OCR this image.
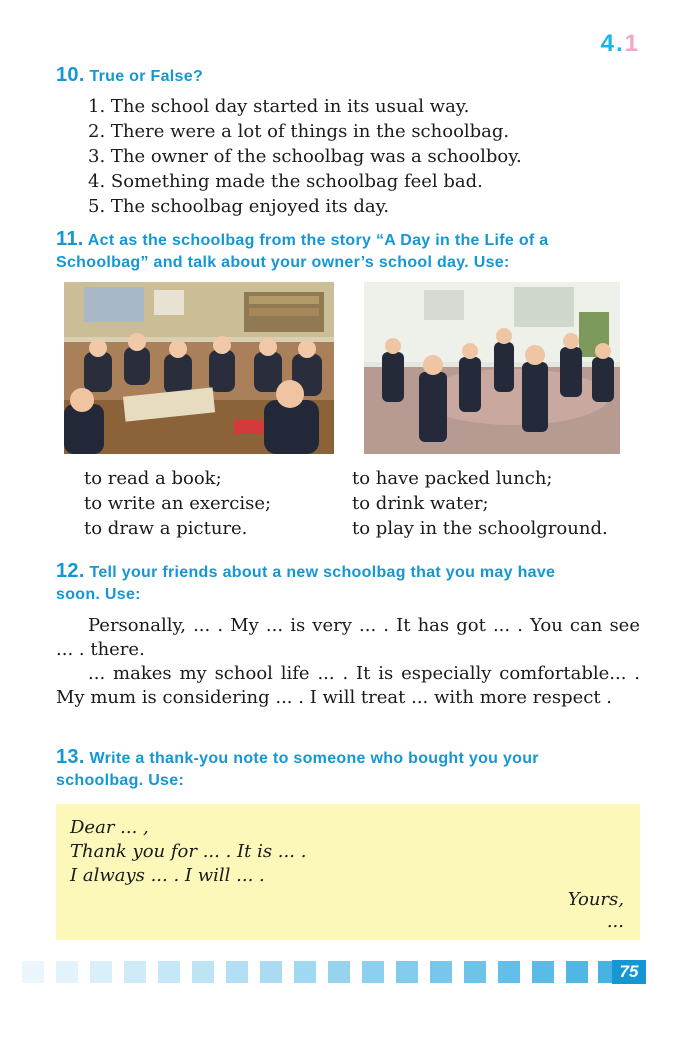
4.1
10. True or False?
1. The school day started in its usual way.
2. There were a lot of things in the schoolbag.
3. The owner of the schoolbag was a schoolboy.
4. Something made the schoolbag feel bad.
5. The schoolbag enjoyed its day.
11. Act as the schoolbag from the story “A Day in the Life of a
Schoolbag” and talk about your owner’s school day. Use:
to read a book;
to write an exercise;
to draw a picture.
to have packed lunch;
to drink water;
to play in the schoolground.
12. Tell your friends about a new schoolbag that you may have
soon. Use:

Personally, ... . My ... is very ... . It has got ... . You can see ... . there.

... makes my school life ... . It is especially comfortable... . My mum is considering ... . I will treat ... with more respect .

13. Write a thank-you note to someone who bought you your
schoolbag. Use:
Dear ... ,
Thank you for ... . It is ... .
I always ... . I will ... .
Yours,
...
75
